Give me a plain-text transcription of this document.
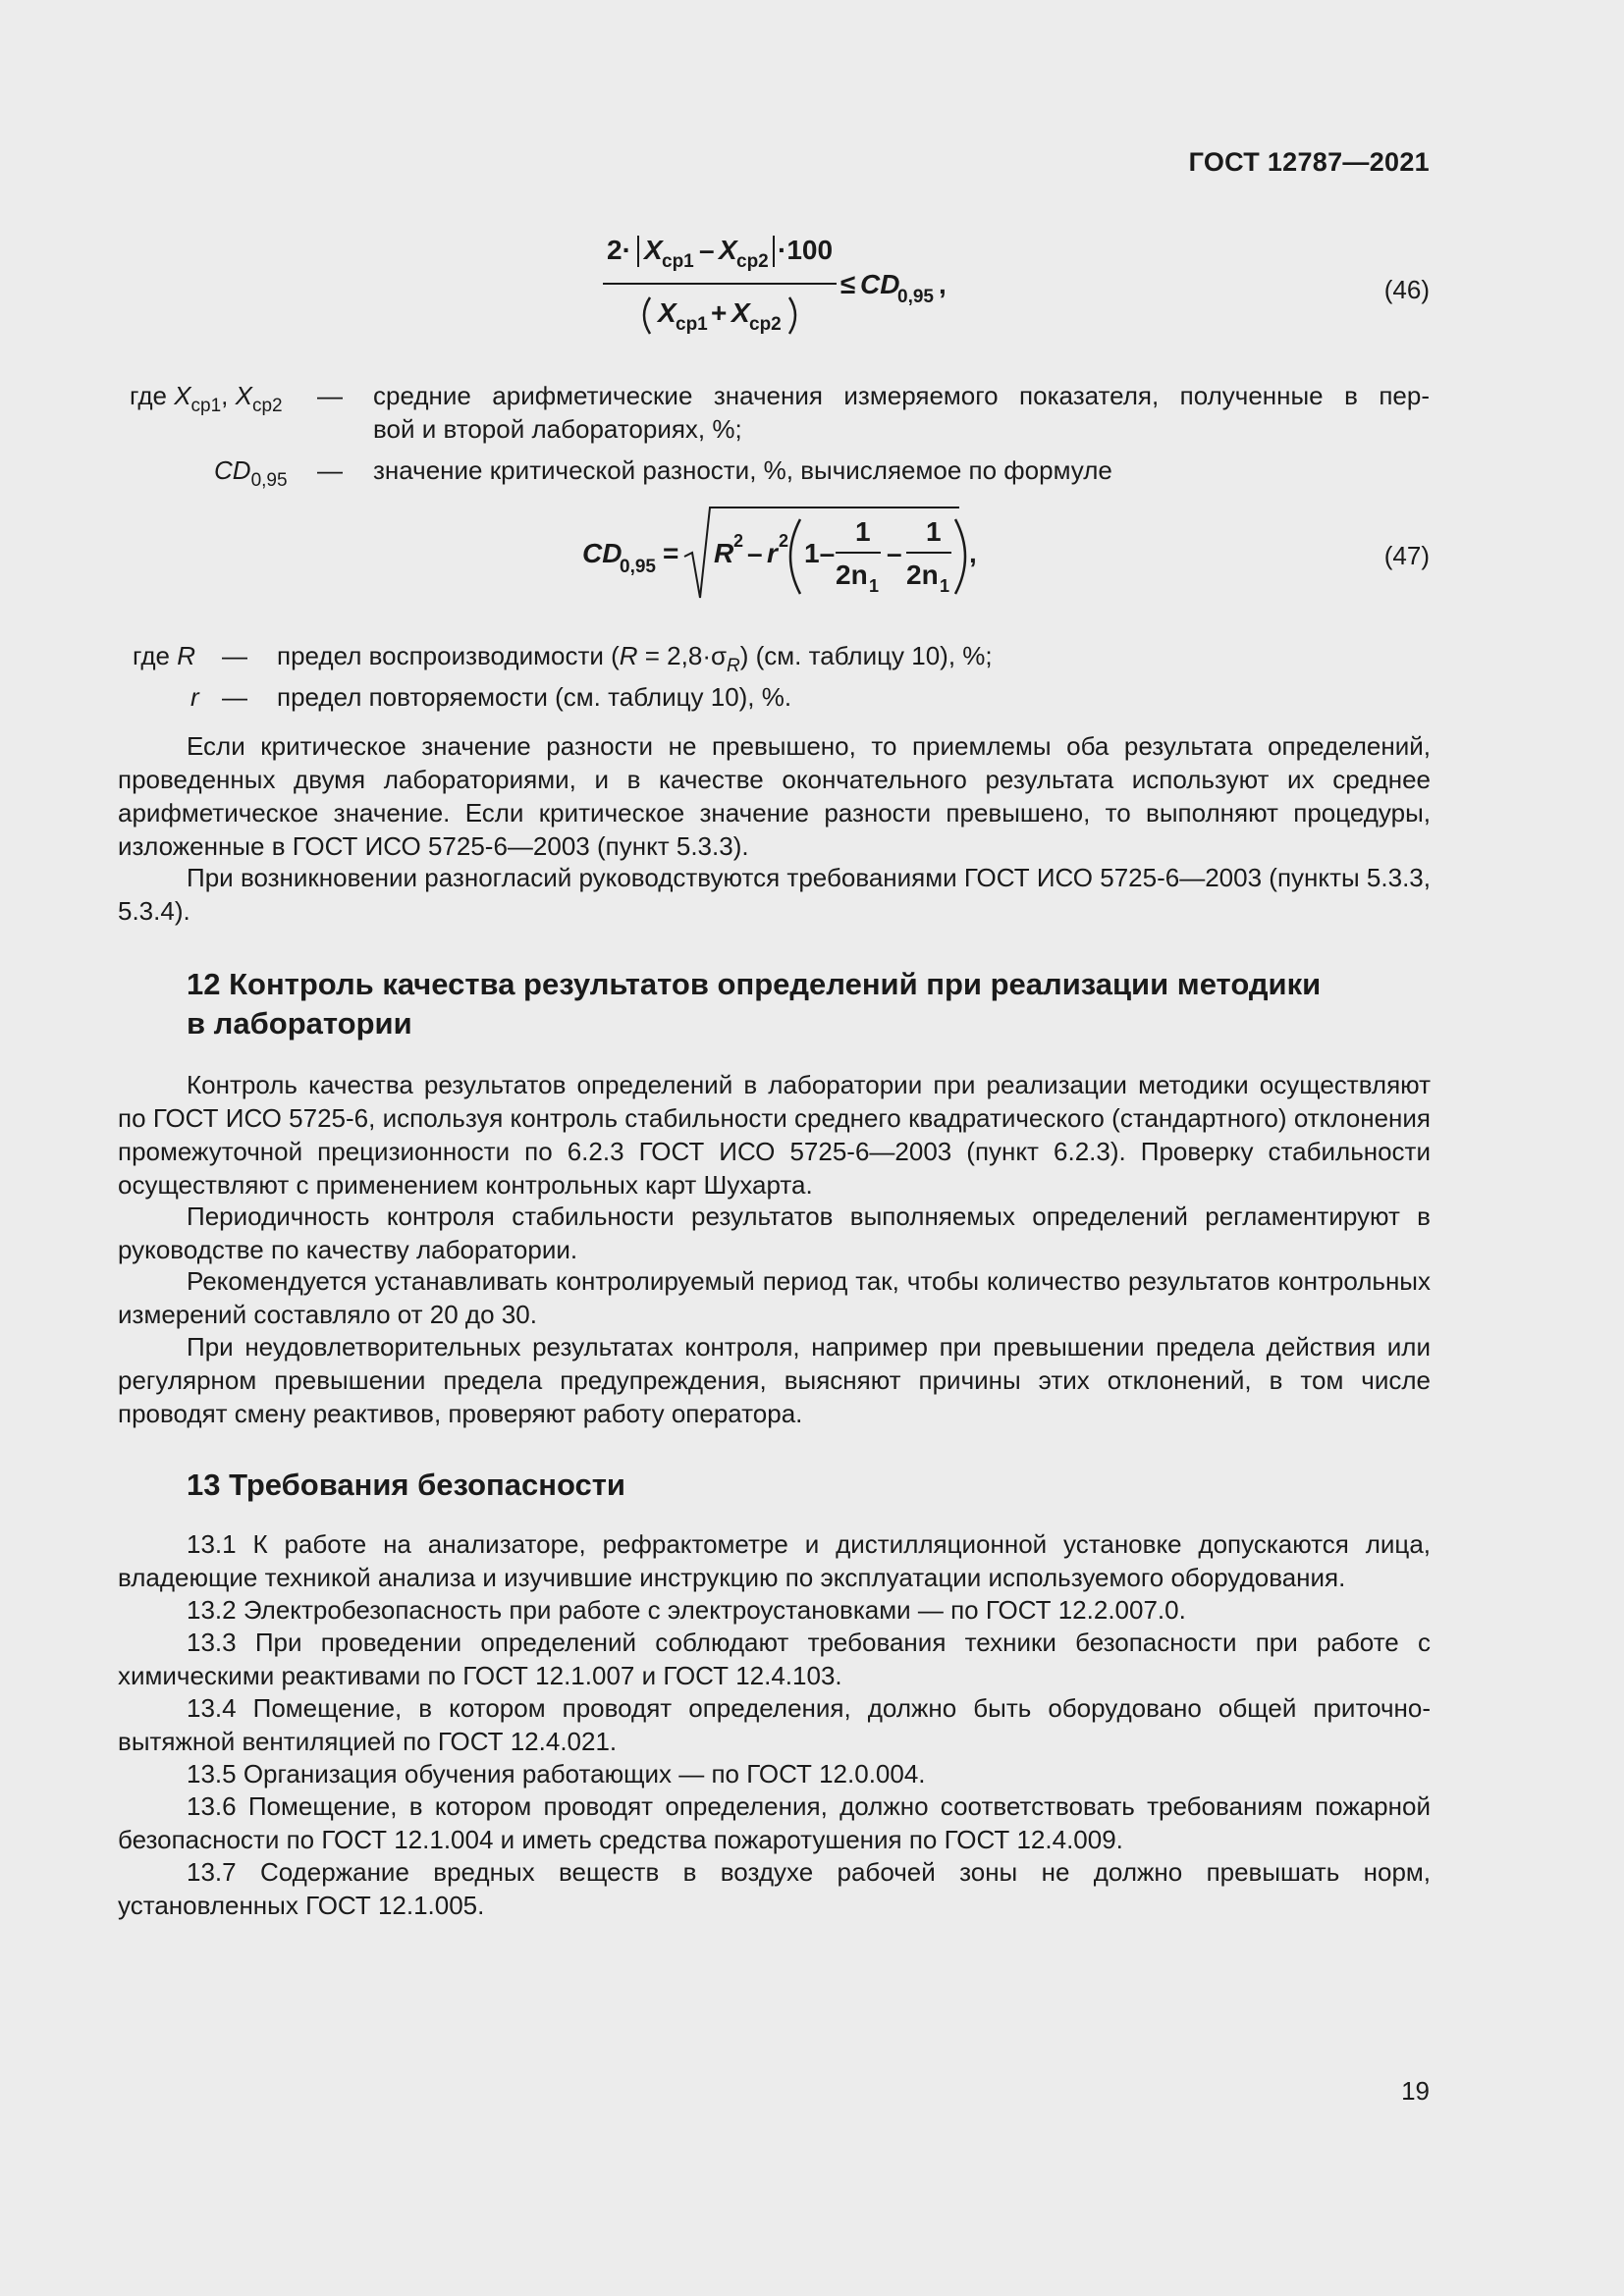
ГОСТ 12787—2021
2· X ср1 – X ср2 ·100
X ср1 + X ср2
≤ CD
0,95 ,	(46)
где $X_{ср1}$, $X_{ср2}$ — средние арифметические значения измеряемого показателя, полученные в пер-
вой и второй лабораториях, %;
$CD_{0,95}$ — значение критической разности, %, вычисляемое по формуле
CD
0,95 = R 2 – r 2 1–
1
2n 1
–
1
2n 1
,	(47)
где R — предел воспроизводимости $(R = 2,8\cdot\sigma_R)$ (см. таблицу 10), %;
r — предел повторяемости (см. таблицу 10), %.
Если критическое значение разности не превышено, то приемлемы оба результата определений, проведенных двумя лабораториями, и в качестве окончательного результата используют их среднее арифметическое значение. Если критическое значение разности превышено, то выполняют процедуры, изложенные в ГОСТ ИСО 5725-6—2003 (пункт 5.3.3).
При возникновении разногласий руководствуются требованиями ГОСТ ИСО 5725-6—2003 (пункты 5.3.3, 5.3.4).
12 Контроль качества результатов определений при реализации методики
в лаборатории
Контроль качества результатов определений в лаборатории при реализации методики осуществляют по ГОСТ ИСО 5725-6, используя контроль стабильности среднего квадратического (стандартного) отклонения промежуточной прецизионности по 6.2.3 ГОСТ ИСО 5725-6—2003 (пункт 6.2.3). Проверку стабильности осуществляют с применением контрольных карт Шухарта.
Периодичность контроля стабильности результатов выполняемых определений регламентируют в руководстве по качеству лаборатории.
Рекомендуется устанавливать контролируемый период так, чтобы количество результатов контрольных измерений составляло от 20 до 30.
При неудовлетворительных результатах контроля, например при превышении предела действия или регулярном превышении предела предупреждения, выясняют причины этих отклонений, в том числе проводят смену реактивов, проверяют работу оператора.
13 Требования безопасности
13.1 К работе на анализаторе, рефрактометре и дистилляционной установке допускаются лица, владеющие техникой анализа и изучившие инструкцию по эксплуатации используемого оборудования.
13.2 Электробезопасность при работе с электроустановками — по ГОСТ 12.2.007.0.
13.3 При проведении определений соблюдают требования техники безопасности при работе с химическими реактивами по ГОСТ 12.1.007 и ГОСТ 12.4.103.
13.4 Помещение, в котором проводят определения, должно быть оборудовано общей приточно-вытяжной вентиляцией по ГОСТ 12.4.021.
13.5 Организация обучения работающих — по ГОСТ 12.0.004.
13.6 Помещение, в котором проводят определения, должно соответствовать требованиям пожарной безопасности по ГОСТ 12.1.004 и иметь средства пожаротушения по ГОСТ 12.4.009.
13.7 Содержание вредных веществ в воздухе рабочей зоны не должно превышать норм, установленных ГОСТ 12.1.005.
19
